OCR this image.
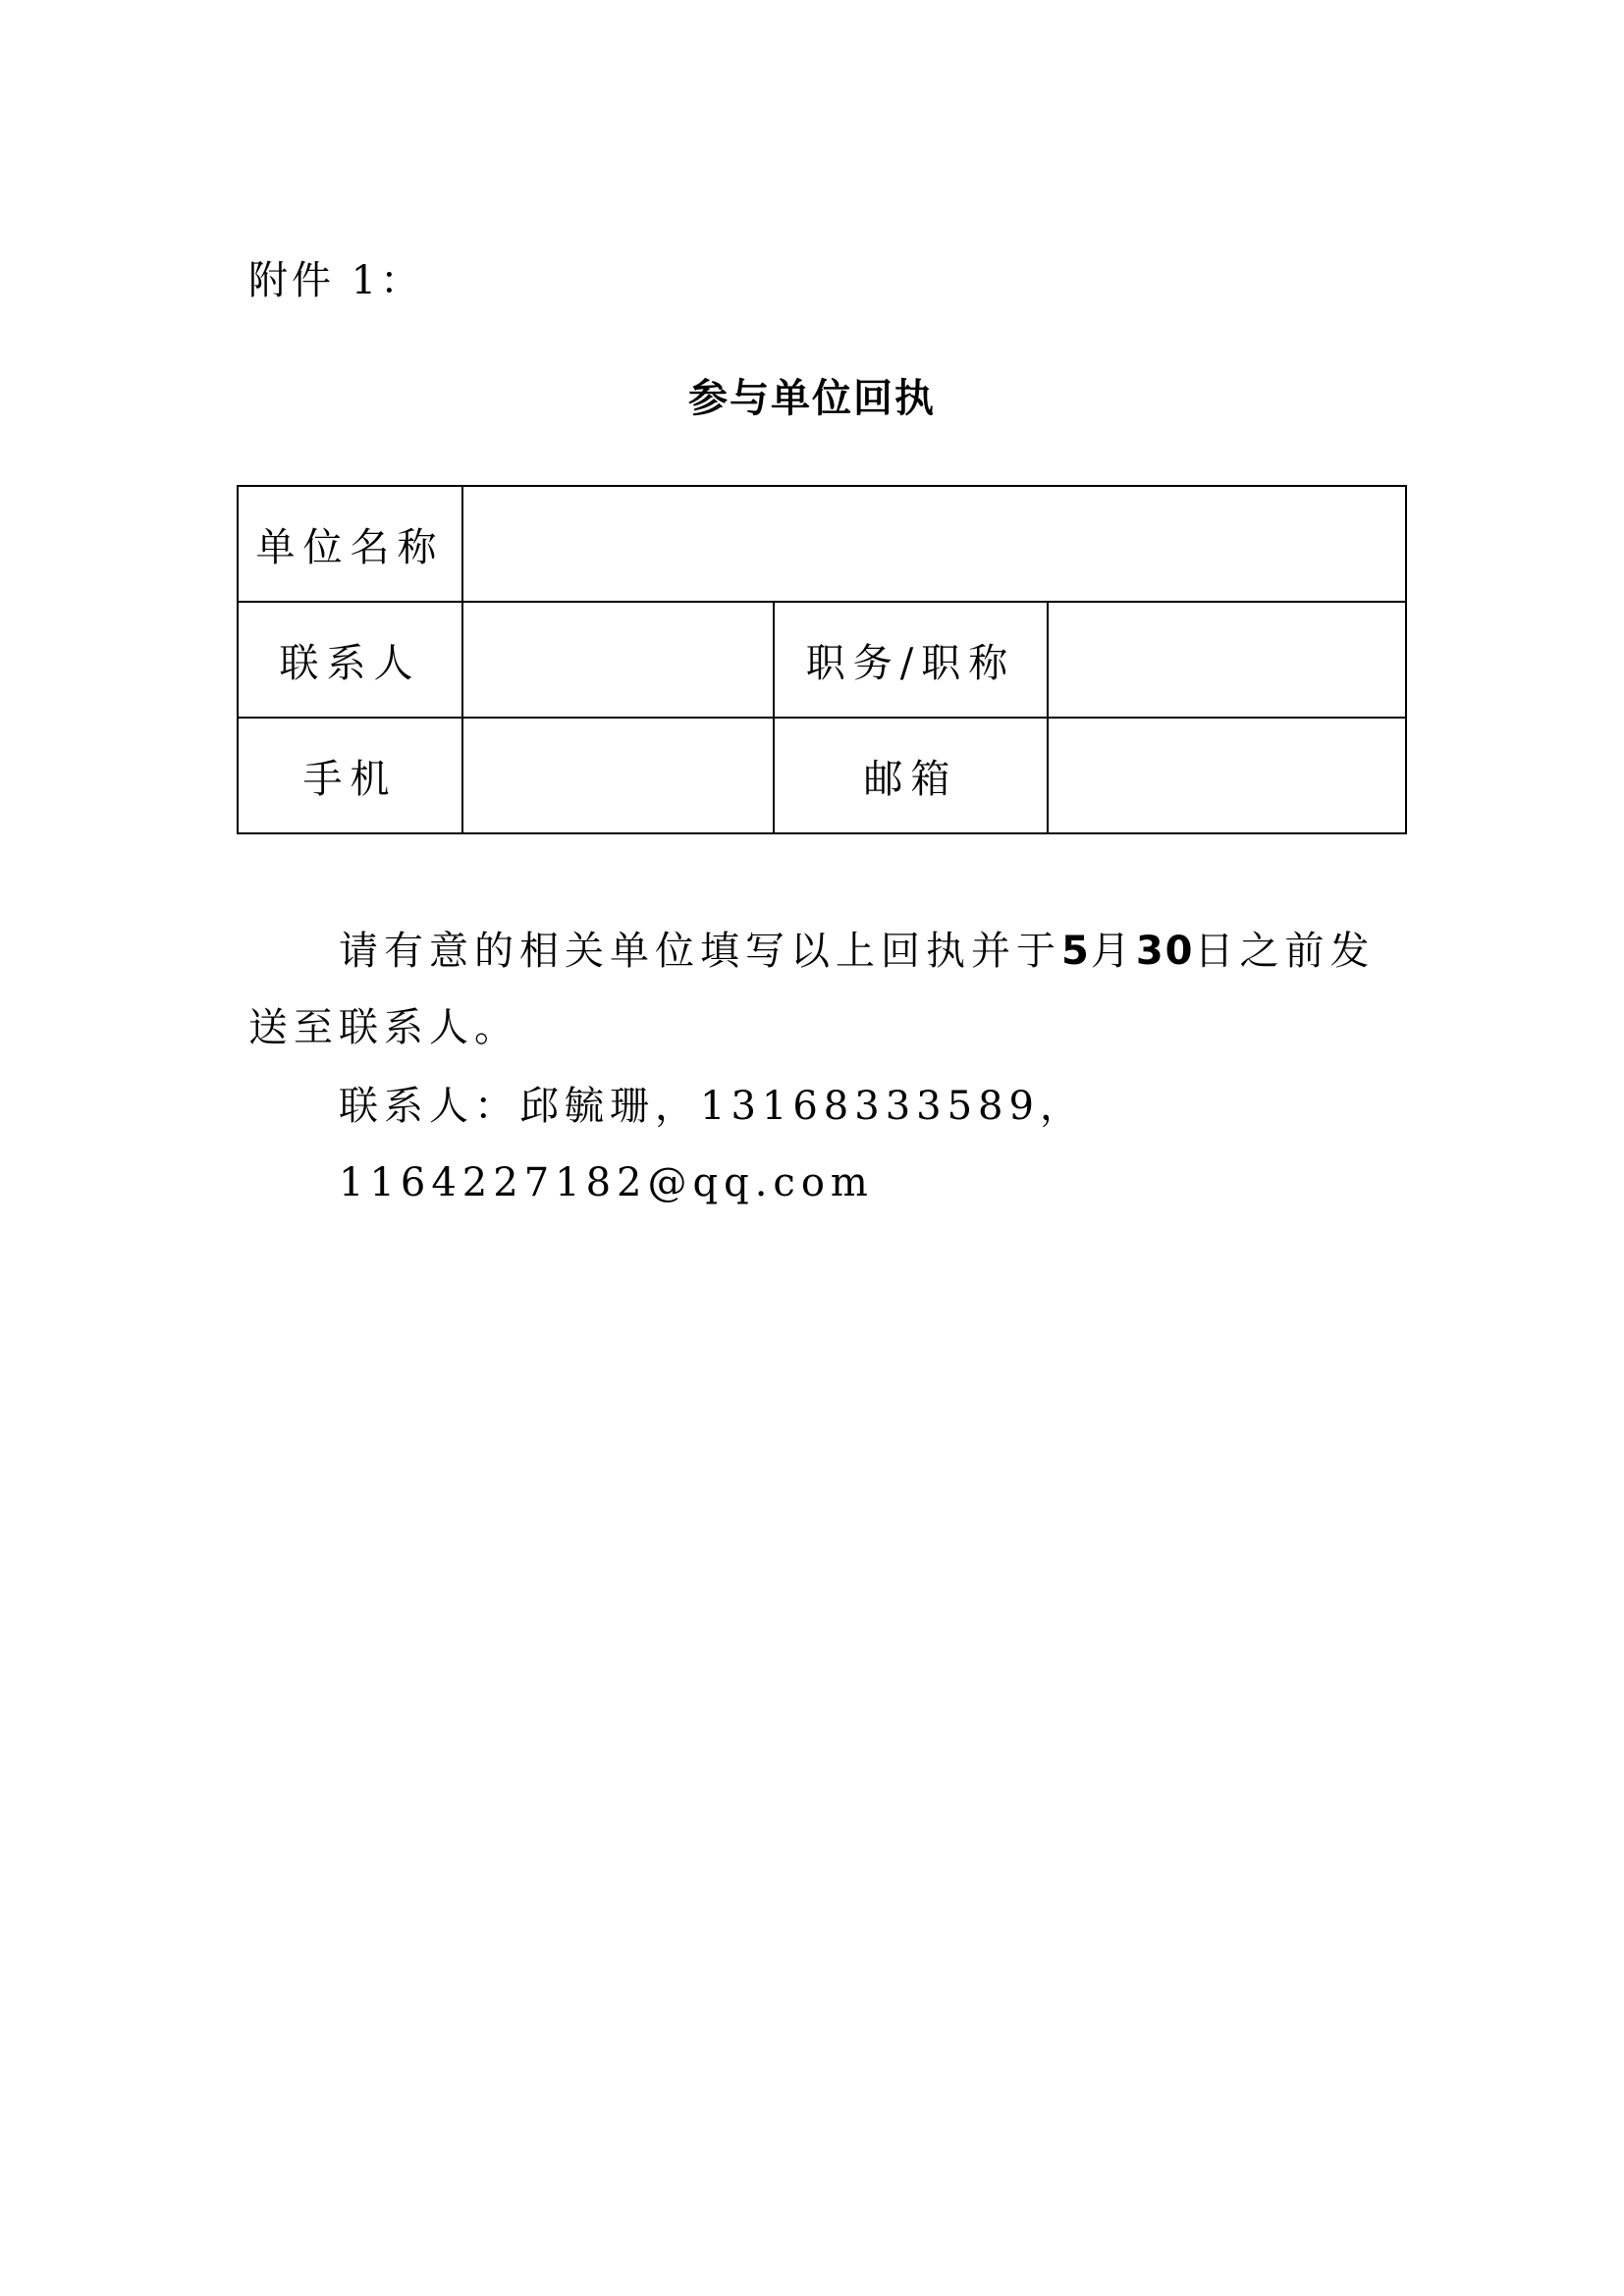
附件 1：
参与单位回执
单位名称			
联系人		职务/职称	
手机		邮箱	
请有意的相关单位填写以上回执并于5月30日之前发送至联系人。
联系人：邱毓珊，13168333589，1164227182@qq.com
